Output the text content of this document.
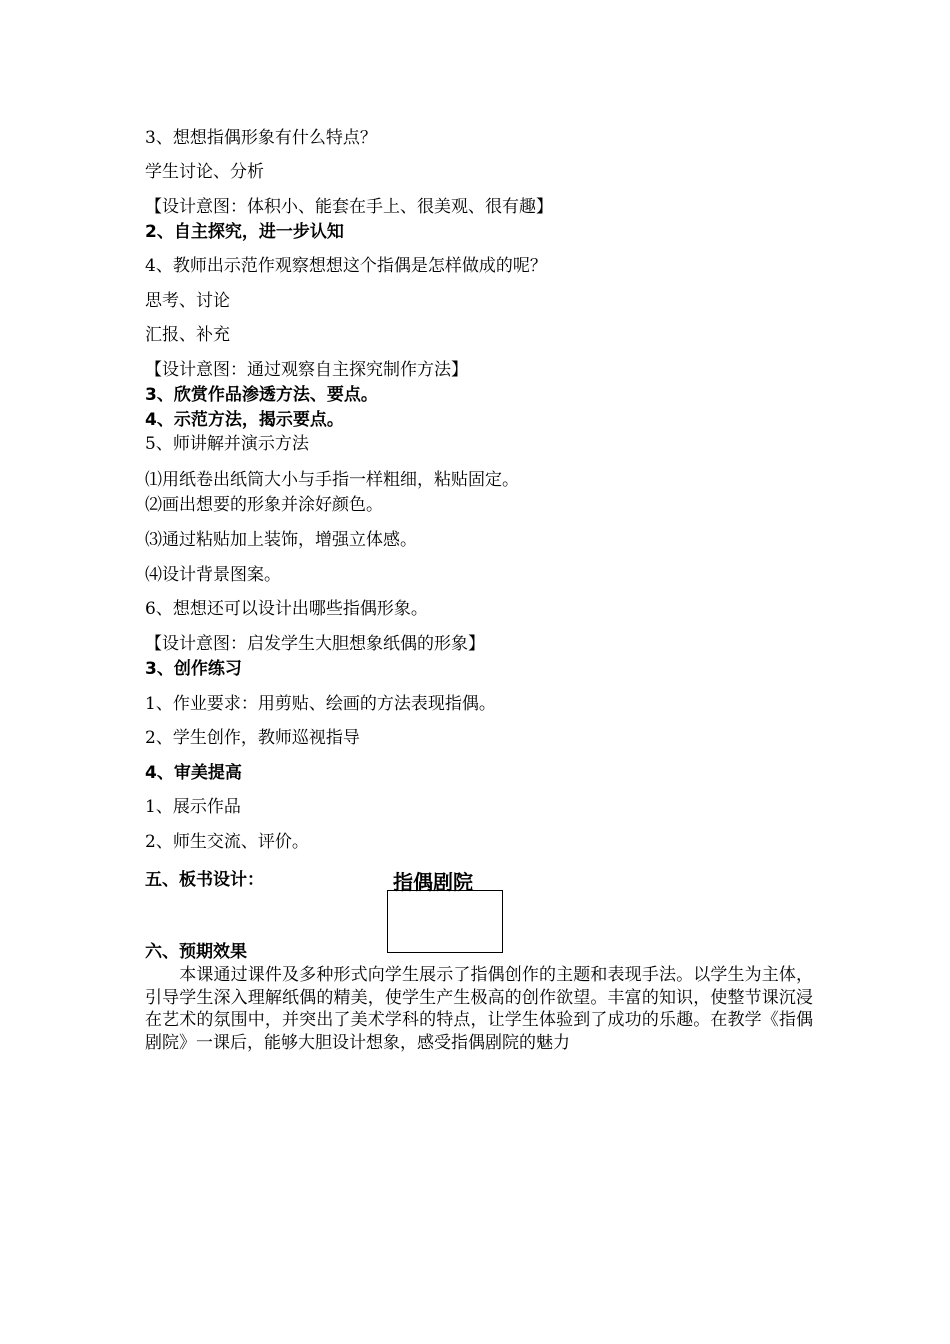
3、想想指偶形象有什么特点？
学生讨论、分析
【设计意图：体积小、能套在手上、很美观、很有趣】
2、自主探究，进一步认知
4、教师出示范作观察想想这个指偶是怎样做成的呢？
思考、讨论
汇报、补充
【设计意图：通过观察自主探究制作方法】
3、欣赏作品渗透方法、要点。
4、示范方法，揭示要点。
5、师讲解并演示方法
⑴用纸卷出纸筒大小与手指一样粗细，粘贴固定。
⑵画出想要的形象并涂好颜色。
⑶通过粘贴加上装饰，增强立体感。
⑷设计背景图案。
6、想想还可以设计出哪些指偶形象。
【设计意图：启发学生大胆想象纸偶的形象】
3、创作练习
1、作业要求：用剪贴、绘画的方法表现指偶。
2、学生创作，教师巡视指导
4、审美提高
1、展示作品
2、师生交流、评价。
五、板书设计：	指偶剧院
六、预期效果

　　本课通过课件及多种形式向学生展示了指偶创作的主题和表现手法。以学生为主体，引导学生深入理解纸偶的精美，使学生产生极高的创作欲望。丰富的知识，使整节课沉浸在艺术的氛围中，并突出了美术学科的特点，让学生体验到了成功的乐趣。在教学《指偶剧院》一课后，能够大胆设计想象，感受指偶剧院的魅力
